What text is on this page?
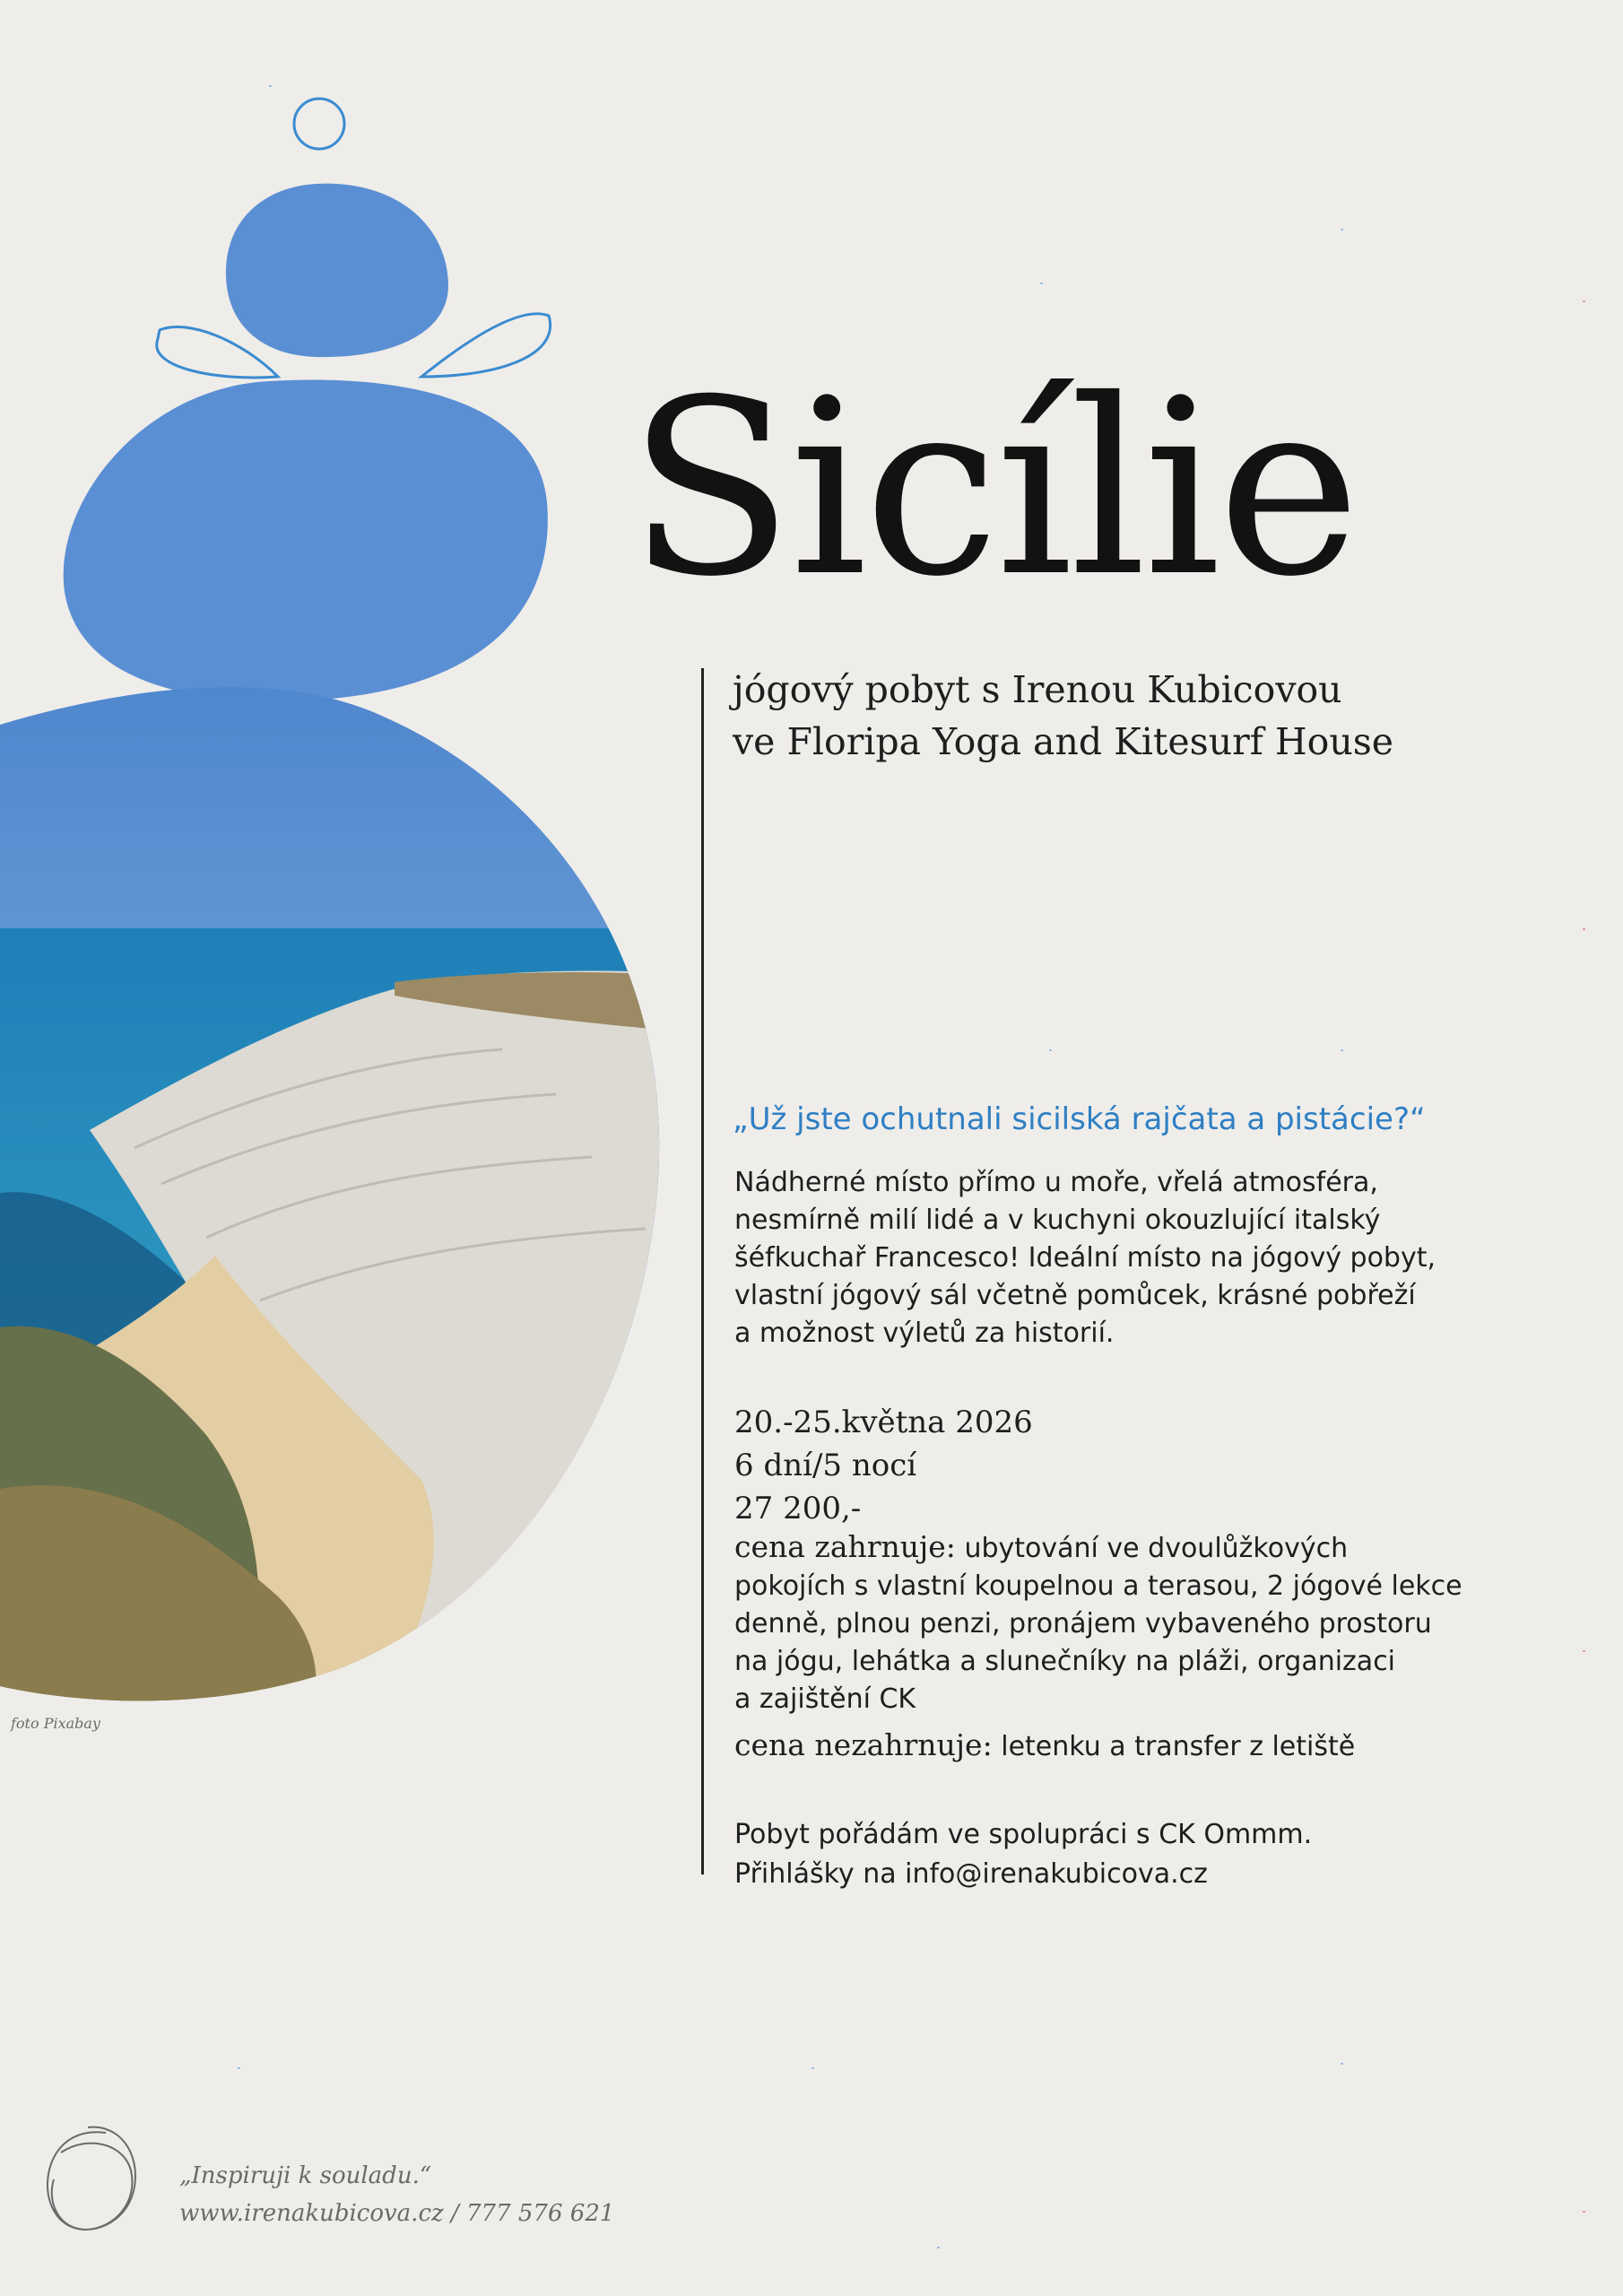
foto Pixabay
Sicílie
jógový pobyt s Irenou Kubicovou
ve Floripa Yoga and Kitesurf House

„Už jste ochutnali sicilská rajčata a pistácie?“

Nádherné místo přímo u moře, vřelá atmosféra,
nesmírně milí lidé a v kuchyni okouzlující italský
šéfkuchař Francesco! Ideální místo na jógový pobyt,
vlastní jógový sál včetně pomůcek, krásné pobřeží
a možnost výletů za historií.
20.-25.května 2026
6 dní/5 nocí
27 200,-
cena zahrnuje: ubytování ve dvoulůžkových
pokojích s vlastní koupelnou a terasou, 2 jógové lekce
denně, plnou penzi, pronájem vybaveného prostoru
na jógu, lehátka a slunečníky na pláži, organizaci
a zajištění CK
cena nezahrnuje: letenku a transfer z letiště
Pobyt pořádám ve spolupráci s CK Ommm.
Přihlášky na info@irenakubicova.cz
„Inspiruji k souladu.“
www.irenakubicova.cz / 777 576 621
